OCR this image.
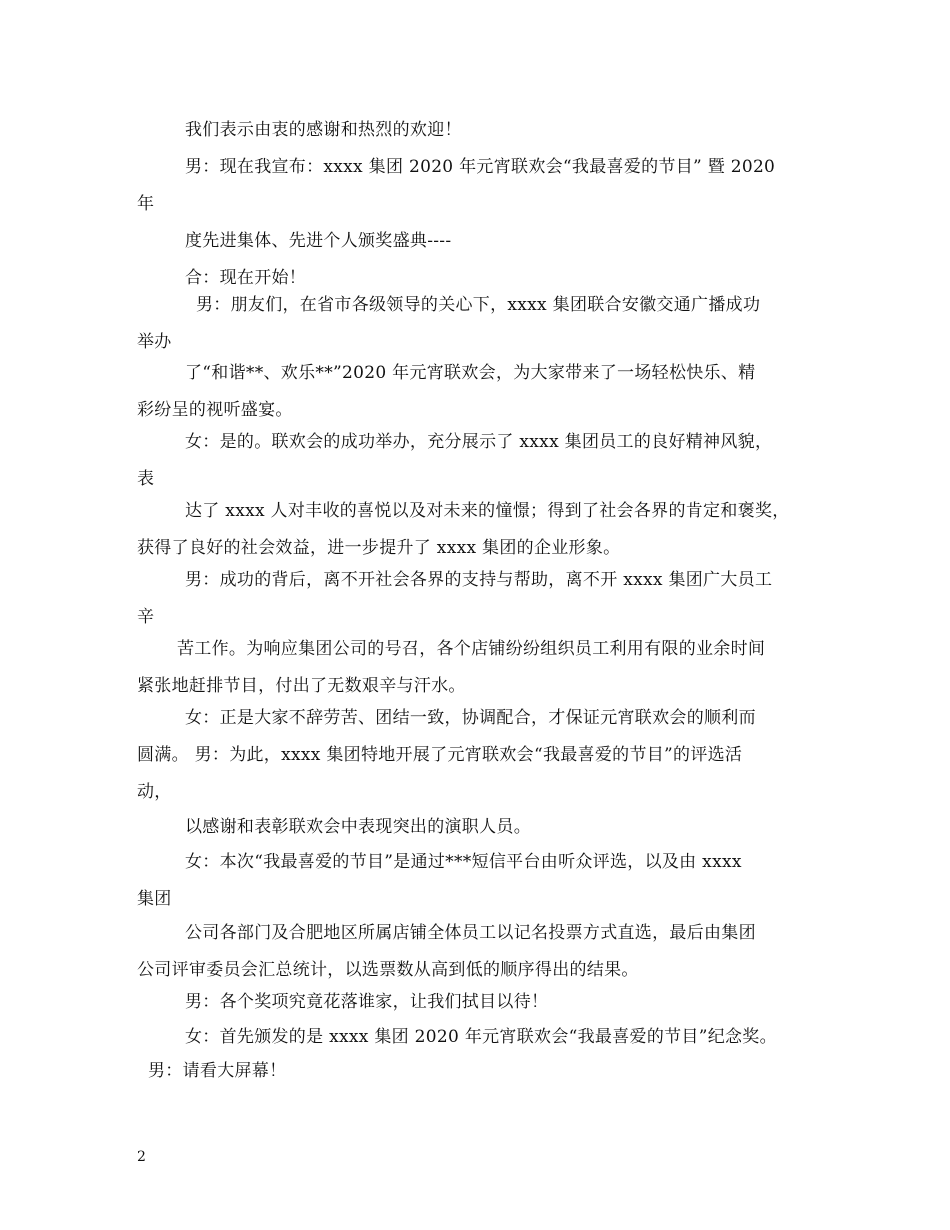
我们表示由衷的感谢和热烈的欢迎！
男：现在我宣布：xxxx 集团 2020 年元宵联欢会“我最喜爱的节目” 暨 2020
年
度先进集体、先进个人颁奖盛典----
合：现在开始！
男：朋友们，在省市各级领导的关心下，xxxx 集团联合安徽交通广播成功
举办
了“和谐**、欢乐**”2020 年元宵联欢会，为大家带来了一场轻松快乐、精
彩纷呈的视听盛宴。
女：是的。联欢会的成功举办，充分展示了 xxxx 集团员工的良好精神风貌，
表
达了 xxxx 人对丰收的喜悦以及对未来的憧憬；得到了社会各界的肯定和褒奖，
获得了良好的社会效益，进一步提升了 xxxx 集团的企业形象。
男：成功的背后，离不开社会各界的支持与帮助，离不开 xxxx 集团广大员工
辛
苦工作。为响应集团公司的号召，各个店铺纷纷组织员工利用有限的业余时间
紧张地赶排节目，付出了无数艰辛与汗水。
女：正是大家不辞劳苦、团结一致，协调配合，才保证元宵联欢会的顺利而
圆满。 男：为此，xxxx 集团特地开展了元宵联欢会“我最喜爱的节目”的评选活
动，
以感谢和表彰联欢会中表现突出的演职人员。
女：本次“我最喜爱的节目”是通过***短信平台由听众评选，以及由 xxxx
集团
公司各部门及合肥地区所属店铺全体员工以记名投票方式直选，最后由集团
公司评审委员会汇总统计，以选票数从高到低的顺序得出的结果。
男：各个奖项究竟花落谁家，让我们拭目以待！
女：首先颁发的是 xxxx 集团 2020 年元宵联欢会“我最喜爱的节目”纪念奖。
男：请看大屏幕！
2
